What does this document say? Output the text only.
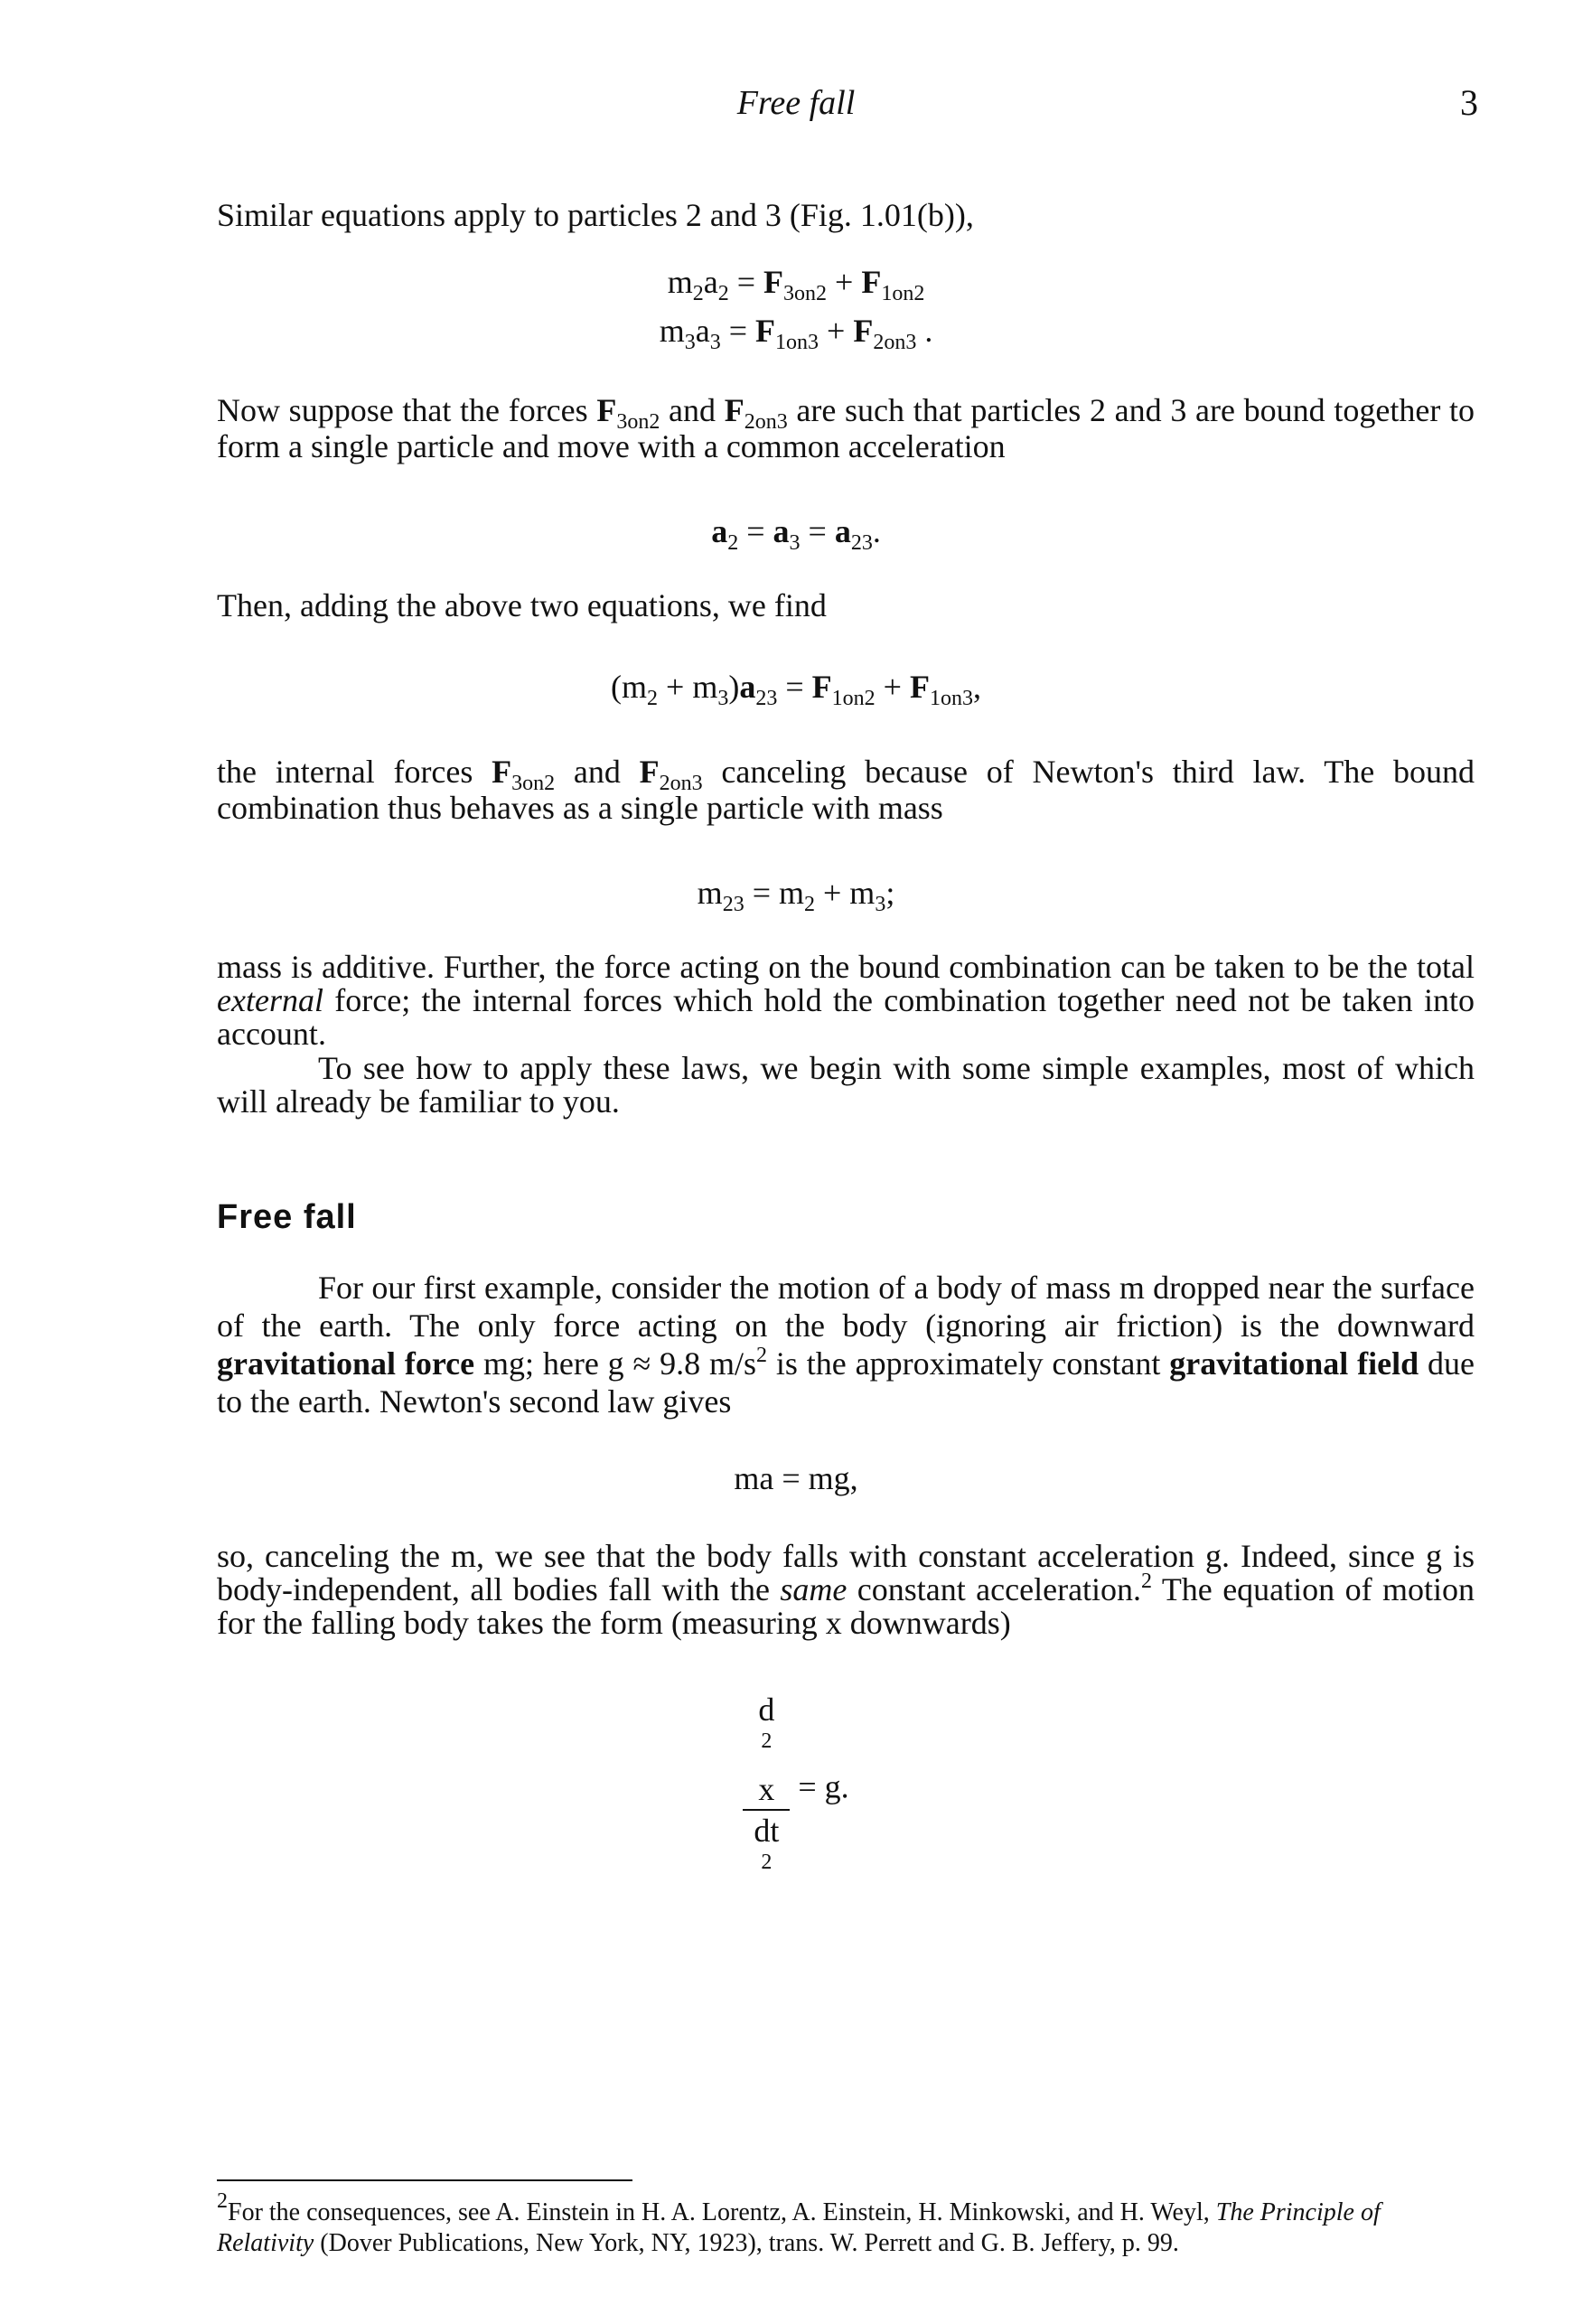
Free fall	3
Similar equations apply to particles 2 and 3 (Fig. 1.01(b)),
$m_2a_2 = F_{3on2} + F_{1on2}$
$m_3a_3 = F_{1on3} + F_{2on3}$ .
Now suppose that the forces $F_{3on2}$ and $F_{2on3}$ are such that particles 2 and 3 are bound together to form a single particle and move with a common acceleration
$a_2 = a_3 = a_{23}$.
Then, adding the above two equations, we find
$(m_2 + m_3)a_{23} = F_{1on2} + F_{1on3}$,
the internal forces $F_{3on2}$ and $F_{2on3}$ canceling because of Newton's third law. The bound combination thus behaves as a single particle with mass
$m_{23} = m_2 + m_3$;
mass is additive. Further, the force acting on the bound combination can be taken to be the total external force; the internal forces which hold the combination together need not be taken into account.
To see how to apply these laws, we begin with some simple examples, most of which will already be familiar to you.
Free fall
For our first example, consider the motion of a body of mass m dropped near the surface of the earth. The only force acting on the body (ignoring air friction) is the downward gravitational force mg; here g ≈ 9.8 $m/s^2$ is the approximately constant gravitational field due to the earth. Newton's second law gives
ma = mg,
so, canceling the m, we see that the body falls with constant acceleration g. Indeed, since g is body-independent, all bodies fall with the same constant acceleration.$^2$ The equation of motion for the falling body takes the form (measuring x downwards)
d
$^2$
x
dt
$^2$ = g.
$^2$For the consequences, see A. Einstein in H. A. Lorentz, A. Einstein, H. Minkowski, and H. Weyl, The Principle of Relativity (Dover Publications, New York, NY, 1923), trans. W. Perrett and G. B. Jeffery, p. 99.
